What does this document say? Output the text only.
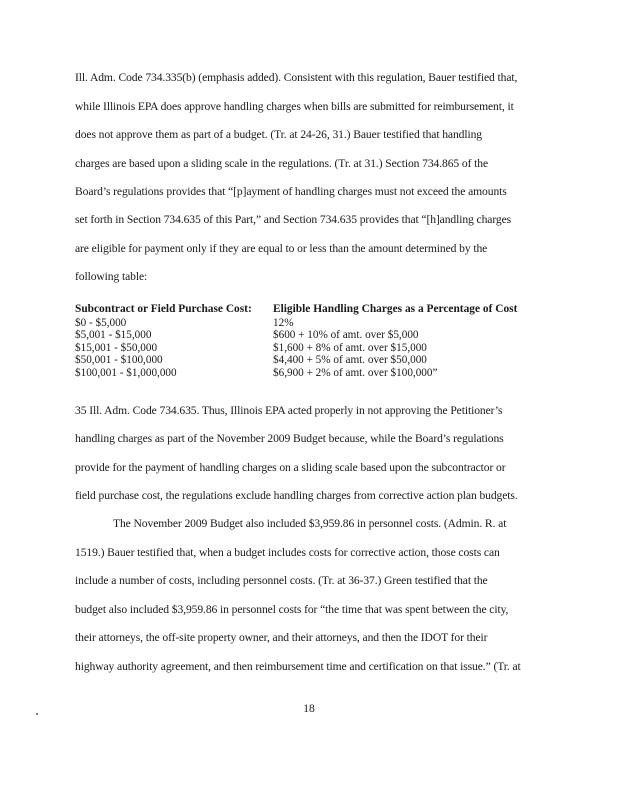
Ill. Adm. Code 734.335(b) (emphasis added). Consistent with this regulation, Bauer testified that,
while Illinois EPA does approve handling charges when bills are submitted for reimbursement, it
does not approve them as part of a budget. (Tr. at 24-26, 31.) Bauer testified that handling
charges are based upon a sliding scale in the regulations. (Tr. at 31.) Section 734.865 of the
Board’s regulations provides that “[p]ayment of handling charges must not exceed the amounts
set forth in Section 734.635 of this Part,” and Section 734.635 provides that “[h]andling charges
are eligible for payment only if they are equal to or less than the amount determined by the
following table:
Subcontract or Field Purchase Cost:	Eligible Handling Charges as a Percentage of Cost
$0 - $5,000	12%
$5,001 - $15,000	$600 + 10% of amt. over $5,000
$15,001 - $50,000	$1,600 + 8% of amt. over $15,000
$50,001 - $100,000	$4,400 + 5% of amt. over $50,000
$100,001 - $1,000,000	$6,900 + 2% of amt. over $100,000”
35 Ill. Adm. Code 734.635. Thus, Illinois EPA acted properly in not approving the Petitioner’s
handling charges as part of the November 2009 Budget because, while the Board’s regulations
provide for the payment of handling charges on a sliding scale based upon the subcontractor or
field purchase cost, the regulations exclude handling charges from corrective action plan budgets.
The November 2009 Budget also included $3,959.86 in personnel costs. (Admin. R. at
1519.) Bauer testified that, when a budget includes costs for corrective action, those costs can
include a number of costs, including personnel costs. (Tr. at 36-37.) Green testified that the
budget also included $3,959.86 in personnel costs for “the time that was spent between the city,
their attorneys, the off-site property owner, and their attorneys, and then the IDOT for their
highway authority agreement, and then reimbursement time and certification on that issue.” (Tr. at
18
